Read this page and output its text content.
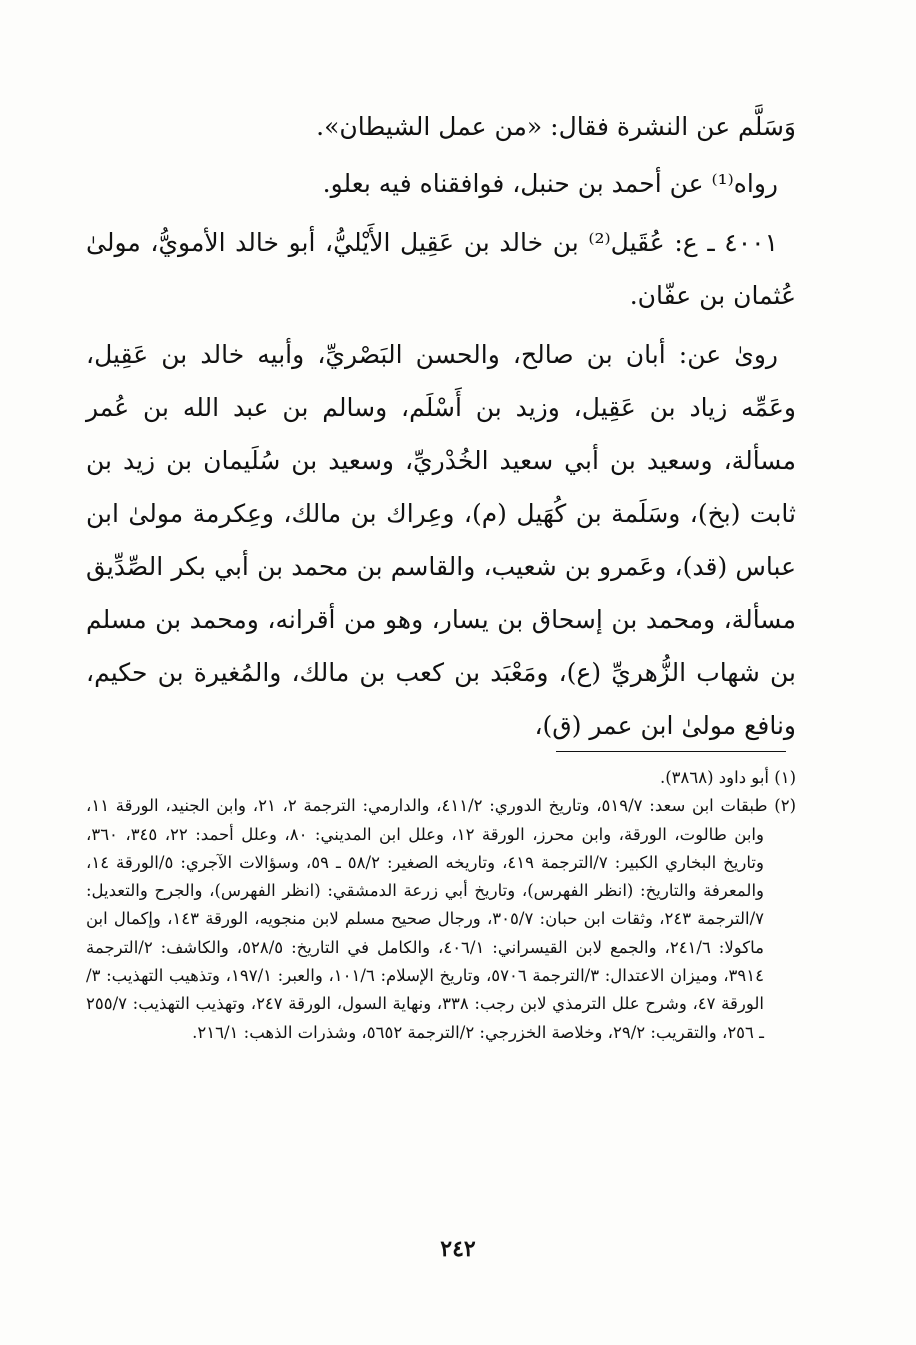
وَسَلَّم عن النشرة فقال: «من عمل الشيطان».

رواه⁽¹⁾ عن أحمد بن حنبل، فوافقناه فيه بعلو.

٤٠٠١ ـ ع: عُقَيل⁽²⁾ بن خالد بن عَقِيل الأَيْليُّ، أبو خالد الأمويُّ، مولىٰ عُثمان بن عفّان.

روىٰ عن: أبان بن صالح، والحسن البَصْريِّ، وأبيه خالد بن عَقِيل، وعَمِّه زياد بن عَقِيل، وزيد بن أَسْلَم، وسالم بن عبد الله بن عُمر مسألة، وسعيد بن أبي سعيد الخُدْريِّ، وسعيد بن سُلَيمان بن زيد بن ثابت (بخ)، وسَلَمة بن كُهَيل (م)، وعِراك بن مالك، وعِكرمة مولىٰ ابن عباس (قد)، وعَمرو بن شعيب، والقاسم بن محمد بن أبي بكر الصِّدِّيق مسألة، ومحمد بن إسحاق بن يسار، وهو من أقرانه، ومحمد بن مسلم بن شهاب الزُّهريِّ (ع)، ومَعْبَد بن كعب بن مالك، والمُغيرة بن حكيم، ونافع مولىٰ ابن عمر (ق)،

(١) أبو داود (٣٨٦٨).

(٢) طبقات ابن سعد: ٥١٩/٧، وتاريخ الدوري: ٤١١/٢، والدارمي: الترجمة ٢، ٢١، وابن الجنيد، الورقة ١١، وابن طالوت، الورقة، وابن محرز، الورقة ١٢، وعلل ابن المديني: ٨٠، وعلل أحمد: ٢٢، ٣٤٥، ٣٦٠، وتاريخ البخاري الكبير: ٧/الترجمة ٤١٩، وتاريخه الصغير: ٥٨/٢ ـ ٥٩، وسؤالات الآجري: ٥/الورقة ١٤، والمعرفة والتاريخ: (انظر الفهرس)، وتاريخ أبي زرعة الدمشقي: (انظر الفهرس)، والجرح والتعديل: ٧/الترجمة ٢٤٣، وثقات ابن حبان: ٣٠٥/٧، ورجال صحيح مسلم لابن منجويه، الورقة ١٤٣، وإكمال ابن ماكولا: ٢٤١/٦، والجمع لابن القيسراني: ٤٠٦/١، والكامل في التاريخ: ٥٢٨/٥، والكاشف: ٢/الترجمة ٣٩١٤، وميزان الاعتدال: ٣/الترجمة ٥٧٠٦، وتاريخ الإسلام: ١٠١/٦، والعبر: ١٩٧/١، وتذهيب التهذيب: ٣/الورقة ٤٧، وشرح علل الترمذي لابن رجب: ٣٣٨، ونهاية السول، الورقة ٢٤٧، وتهذيب التهذيب: ٢٥٥/٧ ـ ٢٥٦، والتقريب: ٢٩/٢، وخلاصة الخزرجي: ٢/الترجمة ٥٦٥٢، وشذرات الذهب: ٢١٦/١.

٢٤٢
